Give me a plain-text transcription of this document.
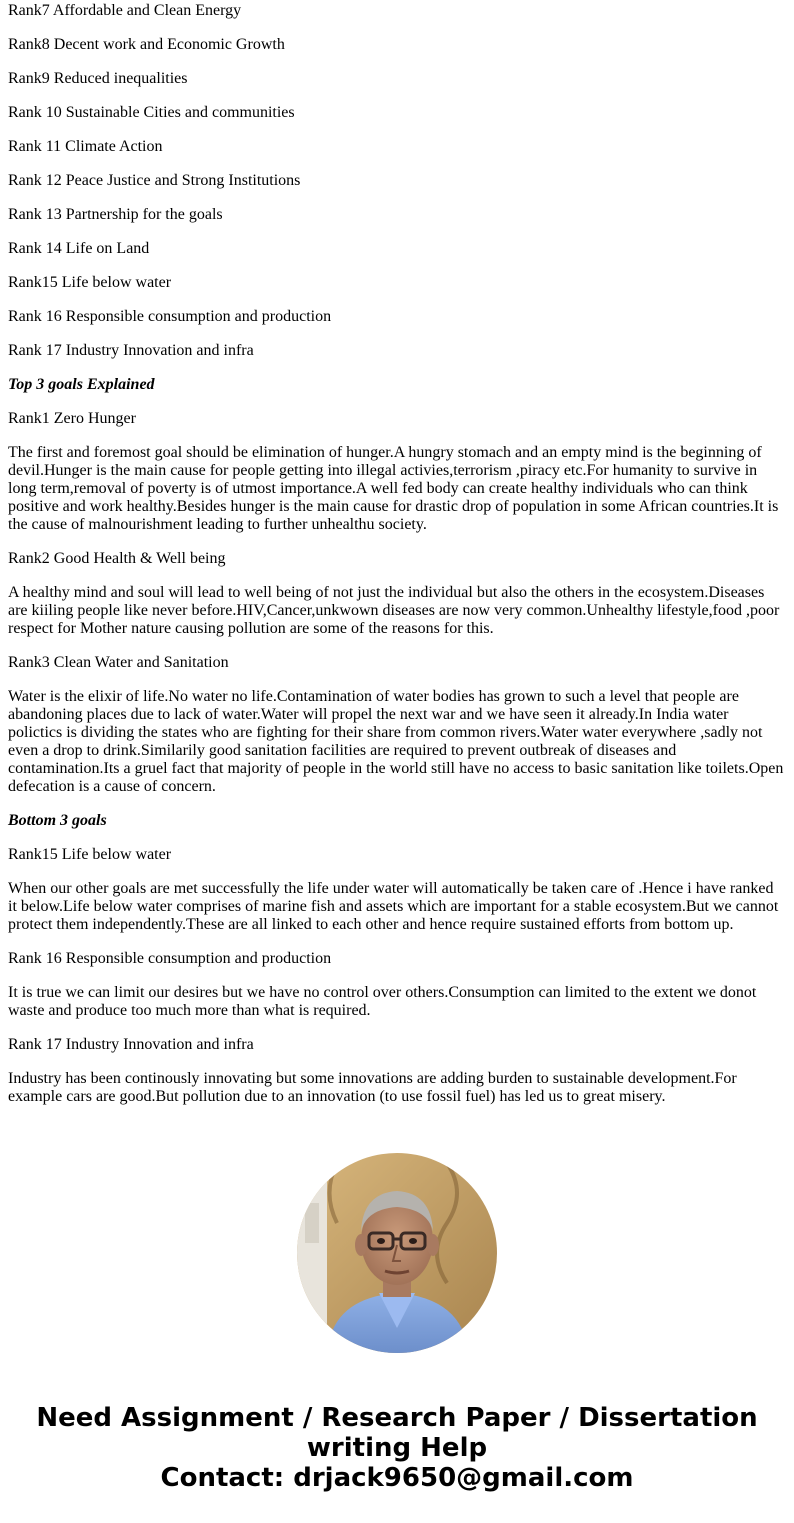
Rank7 Affordable and Clean Energy

Rank8 Decent work and Economic Growth

Rank9 Reduced inequalities

Rank 10 Sustainable Cities and communities

Rank 11 Climate Action

Rank 12 Peace Justice and Strong Institutions

Rank 13 Partnership for the goals

Rank 14 Life on Land

Rank15 Life below water

Rank 16 Responsible consumption and production

Rank 17 Industry Innovation and infra

Top 3 goals Explained

Rank1 Zero Hunger

The first and foremost goal should be elimination of hunger.A hungry stomach and an empty mind is the beginning of devil.Hunger is the main cause for people getting into illegal activies,terrorism ,piracy etc.For humanity to survive in long term,removal of poverty is of utmost importance.A well fed body can create healthy individuals who can think positive and work healthy.Besides hunger is the main cause for drastic drop of population in some African countries.It is the cause of malnourishment leading to further unhealthu society.

Rank2 Good Health & Well being

A healthy mind and soul will lead to well being of not just the individual but also the others in the ecosystem.Diseases are kiiling people like never before.HIV,Cancer,unkwown diseases are now very common.Unhealthy lifestyle,food ,poor respect for Mother nature causing pollution are some of the reasons for this.

Rank3 Clean Water and Sanitation

Water is the elixir of life.No water no life.Contamination of water bodies has grown to such a level that people are abandoning places due to lack of water.Water will propel the next war and we have seen it already.In India water polictics is dividing the states who are fighting for their share from common rivers.Water water everywhere ,sadly not even a drop to drink.Similarily good sanitation facilities are required to prevent outbreak of diseases and contamination.Its a gruel fact that majority of people in the world still have no access to basic sanitation like toilets.Open defecation is a cause of concern.

Bottom 3 goals

Rank15 Life below water

When our other goals are met successfully the life under water will automatically be taken care of .Hence i have ranked it below.Life below water comprises of marine fish and assets which are important for a stable ecosystem.But we cannot protect them independently.These are all linked to each other and hence require sustained efforts from bottom up.

Rank 16 Responsible consumption and production

It is true we can limit our desires but we have no control over others.Consumption can limited to the extent we donot waste and produce too much more than what is required.

Rank 17 Industry Innovation and infra

Industry has been continously innovating but some innovations are adding burden to sustainable development.For example cars are good.But pollution due to an innovation (to use fossil fuel) has led us to great misery.

Need Assignment / Research Paper / Dissertation writing Help
Contact: drjack9650@gmail.com
